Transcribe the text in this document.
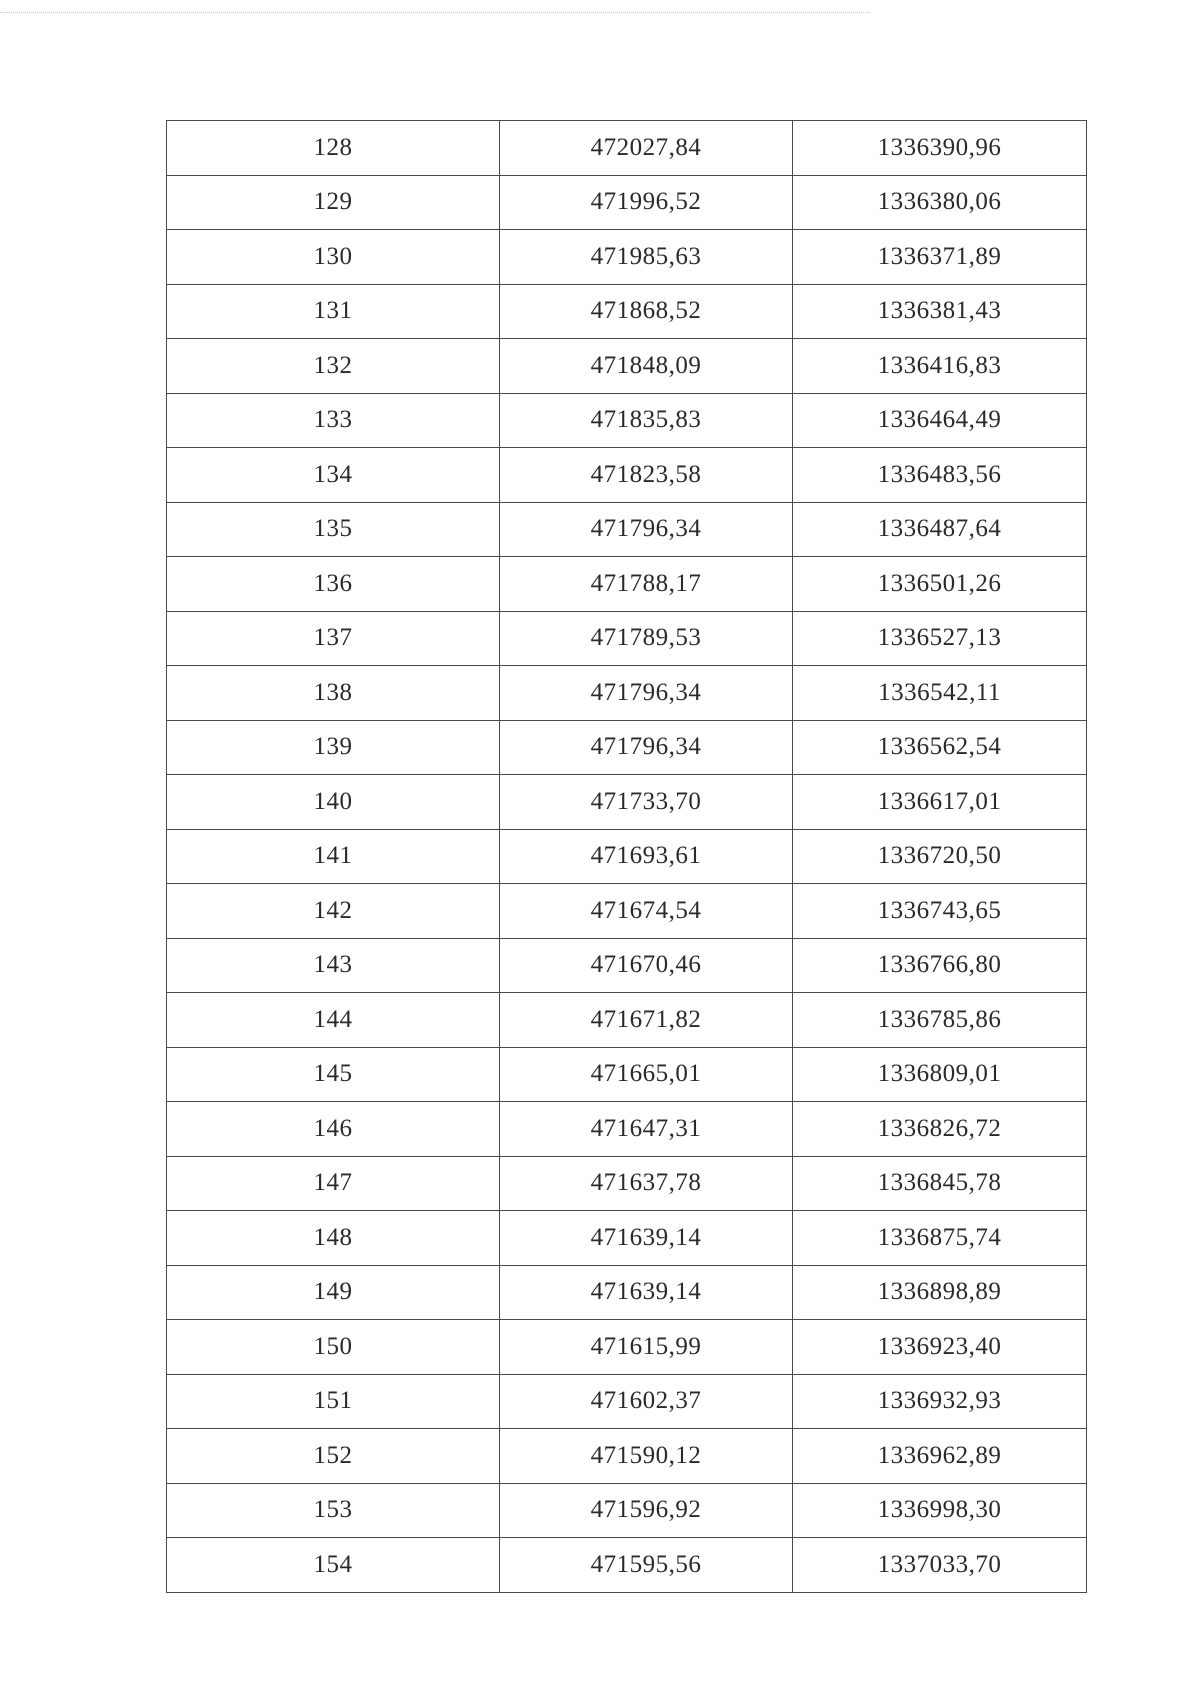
128	472027,84	1336390,96
129	471996,52	1336380,06
130	471985,63	1336371,89
131	471868,52	1336381,43
132	471848,09	1336416,83
133	471835,83	1336464,49
134	471823,58	1336483,56
135	471796,34	1336487,64
136	471788,17	1336501,26
137	471789,53	1336527,13
138	471796,34	1336542,11
139	471796,34	1336562,54
140	471733,70	1336617,01
141	471693,61	1336720,50
142	471674,54	1336743,65
143	471670,46	1336766,80
144	471671,82	1336785,86
145	471665,01	1336809,01
146	471647,31	1336826,72
147	471637,78	1336845,78
148	471639,14	1336875,74
149	471639,14	1336898,89
150	471615,99	1336923,40
151	471602,37	1336932,93
152	471590,12	1336962,89
153	471596,92	1336998,30
154	471595,56	1337033,70
